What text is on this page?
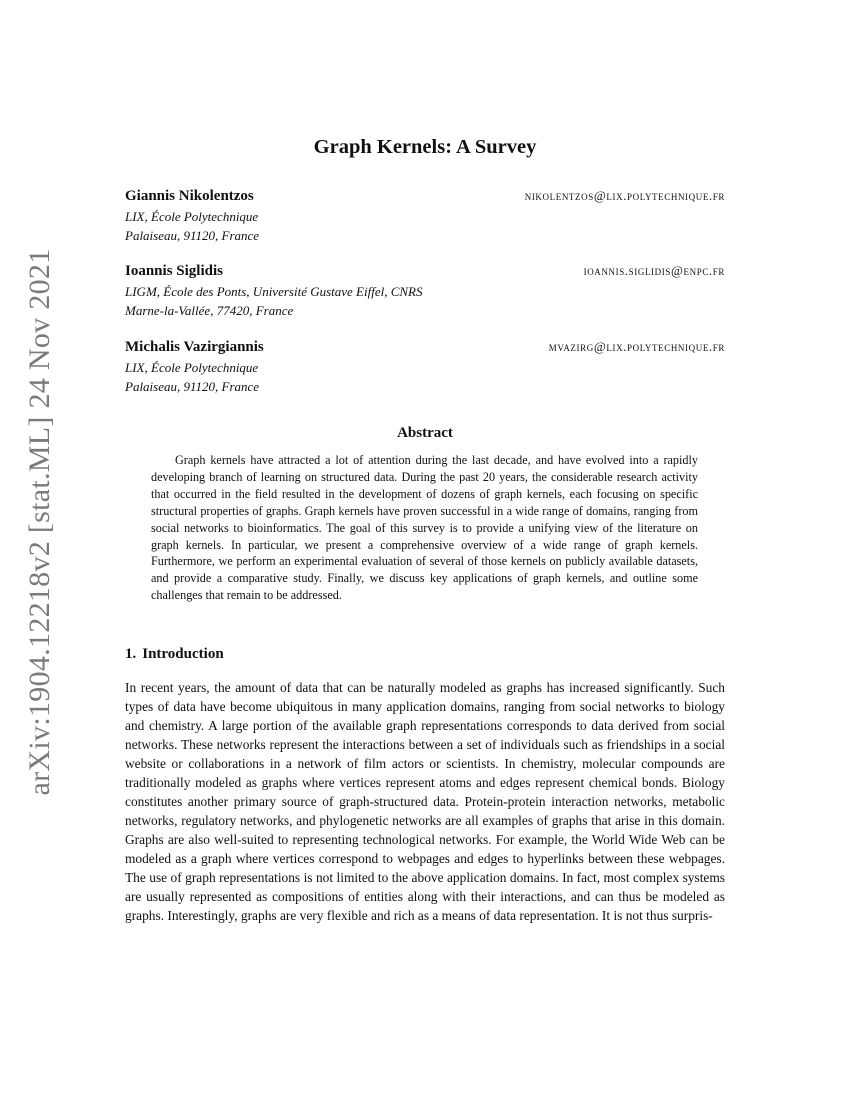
arXiv:1904.12218v2 [stat.ML] 24 Nov 2021
Graph Kernels: A Survey
Giannis Nikolentzos	nikolentzos@lix.polytechnique.fr
LIX, École Polytechnique
Palaiseau, 91120, France
Ioannis Siglidis	ioannis.siglidis@enpc.fr
LIGM, École des Ponts, Université Gustave Eiffel, CNRS
Marne-la-Vallée, 77420, France
Michalis Vazirgiannis	mvazirg@lix.polytechnique.fr
LIX, École Polytechnique
Palaiseau, 91120, France
Abstract
Graph kernels have attracted a lot of attention during the last decade, and have evolved into a rapidly developing branch of learning on structured data. During the past 20 years, the considerable research activity that occurred in the field resulted in the development of dozens of graph kernels, each focusing on specific structural properties of graphs. Graph kernels have proven successful in a wide range of domains, ranging from social networks to bioinformatics. The goal of this survey is to provide a unifying view of the literature on graph kernels. In particular, we present a comprehensive overview of a wide range of graph kernels. Furthermore, we perform an experimental evaluation of several of those kernels on publicly available datasets, and provide a comparative study. Finally, we discuss key applications of graph kernels, and outline some challenges that remain to be addressed.
1. Introduction
In recent years, the amount of data that can be naturally modeled as graphs has increased significantly. Such types of data have become ubiquitous in many application domains, ranging from social networks to biology and chemistry. A large portion of the available graph representations corresponds to data derived from social networks. These networks represent the interactions between a set of individuals such as friendships in a social website or collaborations in a network of film actors or scientists. In chemistry, molecular compounds are traditionally modeled as graphs where vertices represent atoms and edges represent chemical bonds. Biology constitutes another primary source of graph-structured data. Protein-protein interaction networks, metabolic networks, regulatory networks, and phylogenetic networks are all examples of graphs that arise in this domain. Graphs are also well-suited to representing technological networks. For example, the World Wide Web can be modeled as a graph where vertices correspond to webpages and edges to hyperlinks between these webpages. The use of graph representations is not limited to the above application domains. In fact, most complex systems are usually represented as compositions of entities along with their interactions, and can thus be modeled as graphs. Interestingly, graphs are very flexible and rich as a means of data representation. It is not thus surpris-
